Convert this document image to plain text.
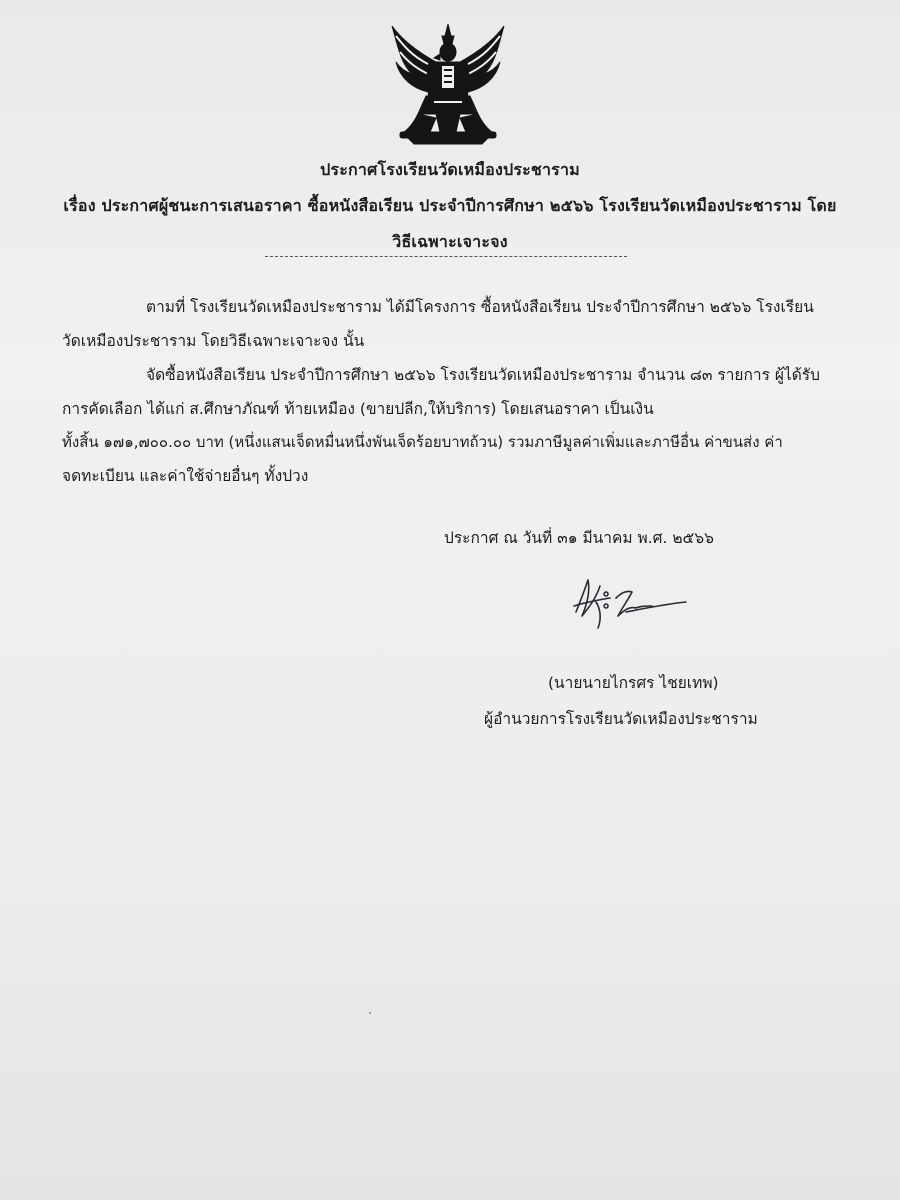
ประกาศโรงเรียนวัดเหมืองประชาราม
เรื่อง ประกาศผู้ชนะการเสนอราคา ซื้อหนังสือเรียน ประจำปีการศึกษา ๒๕๖๖ โรงเรียนวัดเหมืองประชาราม โดย
วิธีเฉพาะเจาะจง
ตามที่ โรงเรียนวัดเหมืองประชาราม ได้มีโครงการ ซื้อหนังสือเรียน ประจำปีการศึกษา ๒๕๖๖ โรงเรียน
วัดเหมืองประชาราม โดยวิธีเฉพาะเจาะจง นั้น
จัดซื้อหนังสือเรียน ประจำปีการศึกษา ๒๕๖๖ โรงเรียนวัดเหมืองประชาราม จำนวน ๘๓ รายการ ผู้ได้รับ
การคัดเลือก ได้แก่ ส.ศึกษาภัณฑ์ ท้ายเหมือง (ขายปลีก,ให้บริการ) โดยเสนอราคา เป็นเงิน
ทั้งสิ้น ๑๗๑,๗๐๐.๐๐ บาท (หนึ่งแสนเจ็ดหมื่นหนึ่งพันเจ็ดร้อยบาทถ้วน) รวมภาษีมูลค่าเพิ่มและภาษีอื่น ค่าขนส่ง ค่า
จดทะเบียน และค่าใช้จ่ายอื่นๆ ทั้งปวง
ประกาศ ณ วันที่ ๓๑ มีนาคม พ.ศ. ๒๕๖๖
(นายนายไกรศร ไชยเทพ)
ผู้อำนวยการโรงเรียนวัดเหมืองประชาราม
